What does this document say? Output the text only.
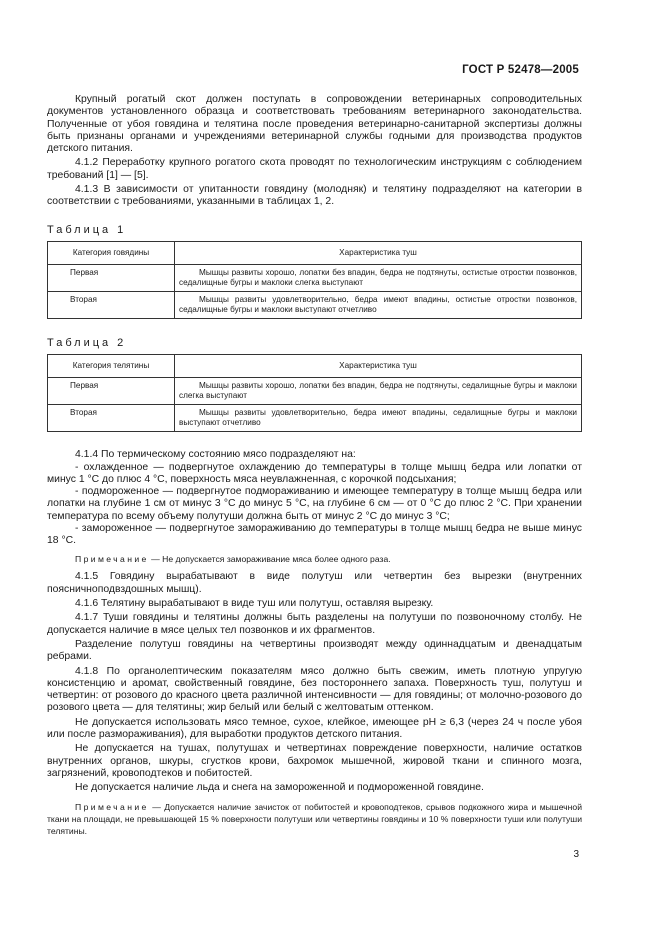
ГОСТ Р 52478—2005

Крупный рогатый скот должен поступать в сопровождении ветеринарных сопроводительных документов установленного образца и соответствовать требованиям ветеринарного законодательства. Полученные от убоя говядина и телятина после проведения ветеринарно-санитарной экспертизы должны быть признаны органами и учреждениями ветеринарной службы годными для производства продуктов детского питания.

4.1.2 Переработку крупного рогатого скота проводят по технологическим инструкциям с соблюдением требований [1] — [5].

4.1.3 В зависимости от упитанности говядину (молодняк) и телятину подразделяют на категории в соответствии с требованиями, указанными в таблицах 1, 2.

Таблица 1

Категория говядины	Характеристика туш
Первая	Мышцы развиты хорошо, лопатки без впадин, бедра не подтянуты, остистые отростки позвонков, седалищные бугры и маклоки слегка выступают
Вторая	Мышцы развиты удовлетворительно, бедра имеют впадины, остистые отростки позвонков, седалищные бугры и маклоки выступают отчетливо

Таблица 2

Категория телятины	Характеристика туш
Первая	Мышцы развиты хорошо, лопатки без впадин, бедра не подтянуты, седалищные бугры и маклоки слегка выступают
Вторая	Мышцы развиты удовлетворительно, бедра имеют впадины, седалищные бугры и маклоки выступают отчетливо

4.1.4 По термическому состоянию мясо подразделяют на:

- охлажденное — подвергнутое охлаждению до температуры в толще мышц бедра или лопатки от минус 1 °С до плюс 4 °С, поверхность мяса неувлажненная, с корочкой подсыхания;

- подмороженное — подвергнутое подмораживанию и имеющее температуру в толще мышц бедра или лопатки на глубине 1 см от минус 3 °С до минус 5 °С, на глубине 6 см — от 0 °С до плюс 2 °С. При хранении температура по всему объему полутуши должна быть от минус 2 °С до минус 3 °С;

- замороженное — подвергнутое замораживанию до температуры в толще мышц бедра не выше минус 18 °С.

Примечание — Не допускается замораживание мяса более одного раза.

4.1.5 Говядину вырабатывают в виде полутуш или четвертин без вырезки (внутренних поясничноподвздошных мышц).

4.1.6 Телятину вырабатывают в виде туш или полутуш, оставляя вырезку.

4.1.7 Туши говядины и телятины должны быть разделены на полутуши по позвоночному столбу. Не допускается наличие в мясе целых тел позвонков и их фрагментов.

Разделение полутуш говядины на четвертины производят между одиннадцатым и двенадцатым ребрами.

4.1.8 По органолептическим показателям мясо должно быть свежим, иметь плотную упругую консистенцию и аромат, свойственный говядине, без постороннего запаха. Поверхность туш, полутуш и четвертин: от розового до красного цвета различной интенсивности — для говядины; от молочно-розового до розового цвета — для телятины; жир белый или белый с желтоватым оттенком.

Не допускается использовать мясо темное, сухое, клейкое, имеющее pH ≥ 6,3 (через 24 ч после убоя или после размораживания), для выработки продуктов детского питания.

Не допускается на тушах, полутушах и четвертинах повреждение поверхности, наличие остатков внутренних органов, шкуры, сгустков крови, бахромок мышечной, жировой ткани и спинного мозга, загрязнений, кровоподтеков и побитостей.

Не допускается наличие льда и снега на замороженной и подмороженной говядине.

Примечание — Допускается наличие зачисток от побитостей и кровоподтеков, срывов подкожного жира и мышечной ткани на площади, не превышающей 15 % поверхности полутуши или четвертины говядины и 10 % поверхности туши или полутуши телятины.

3
